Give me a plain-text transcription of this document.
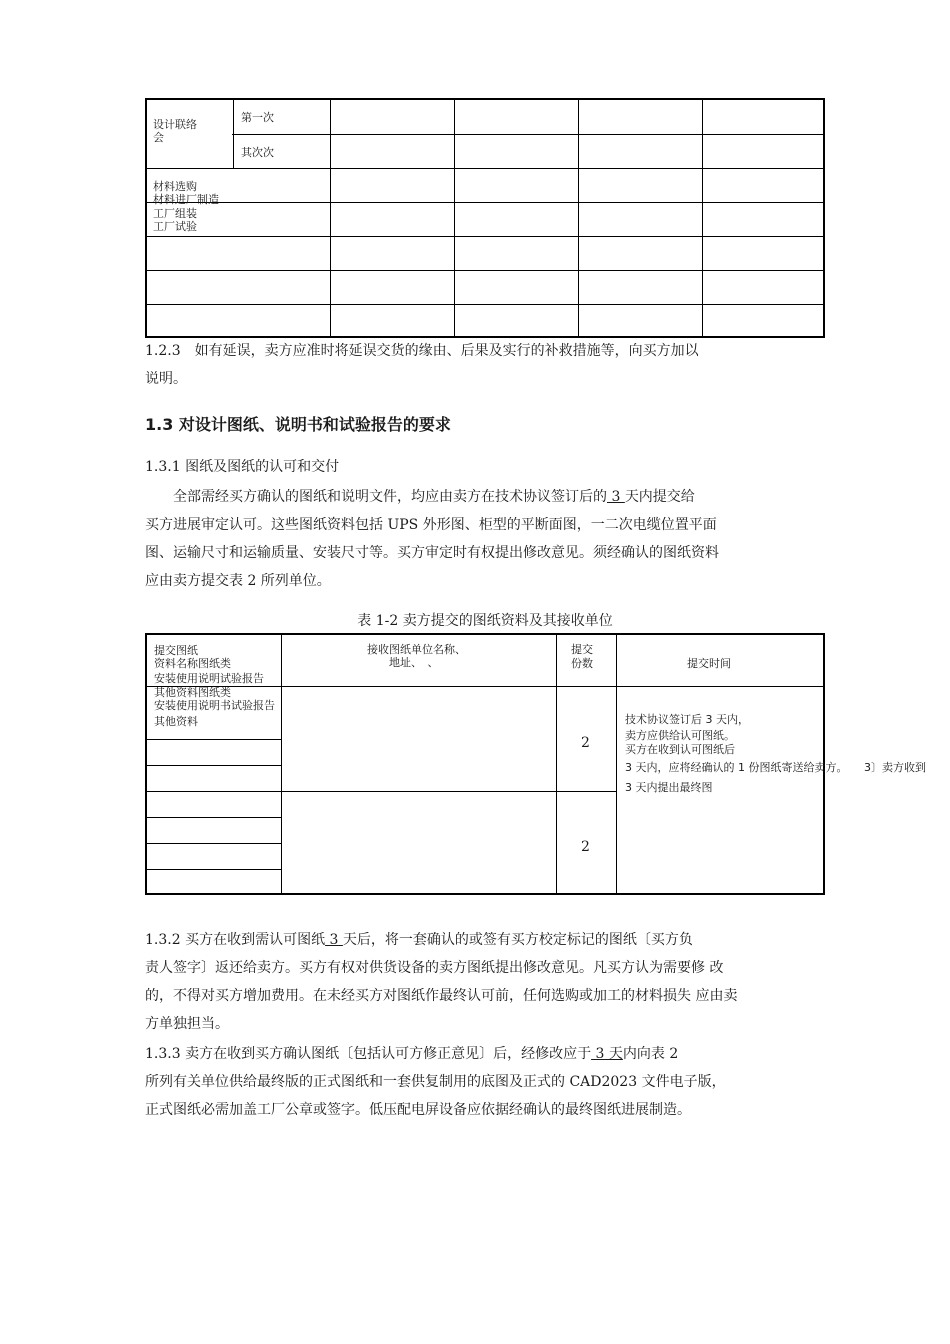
设计联络
会
第一次
其次次
材料选购
材料进厂制造
工厂组装
工厂试验
1.2.3　如有延误，卖方应准时将延误交货的缘由、后果及实行的补救措施等，向买方加以
说明。
1.3 对设计图纸、说明书和试验报告的要求
1.3.1 图纸及图纸的认可和交付
全部需经买方确认的图纸和说明文件，均应由卖方在技术协议签订后的 3 天内提交给
买方进展审定认可。这些图纸资料包括 UPS 外形图、柜型的平断面图，一二次电缆位置平面
图、运输尺寸和运输质量、安装尺寸等。买方审定时有权提出修改意见。须经确认的图纸资料
应由卖方提交表 2 所列单位。
表 1-2 卖方提交的图纸资料及其接收单位
提交图纸
资料名称图纸类
安装使用说明试验报告
其他资料图纸类
安装使用说明书试验报告
其他资料
接收图纸单位名称、
地址、　、
提交
份数	提交时间
2
2
技术协议签订后 3 天内，
卖方应供给认可图纸。
买方在收到认可图纸后
3 天内，应将经确认的 1 份图纸寄送给卖方。　　3〕卖方收到
3 天内提出最终图
1.3.2 买方在收到需认可图纸 3 天后，将一套确认的或签有买方校定标记的图纸〔买方负
责人签字〕返还给卖方。买方有权对供货设备的卖方图纸提出修改意见。凡买方认为需要修 改
的，不得对买方增加费用。在未经买方对图纸作最终认可前，任何选购或加工的材料损失 应由卖
方单独担当。
1.3.3 卖方在收到买方确认图纸〔包括认可方修正意见〕后，经修改应于 3 天内向表 2
所列有关单位供给最终版的正式图纸和一套供复制用的底图及正式的 CAD2023 文件电子版，
正式图纸必需加盖工厂公章或签字。低压配电屏设备应依据经确认的最终图纸进展制造。
